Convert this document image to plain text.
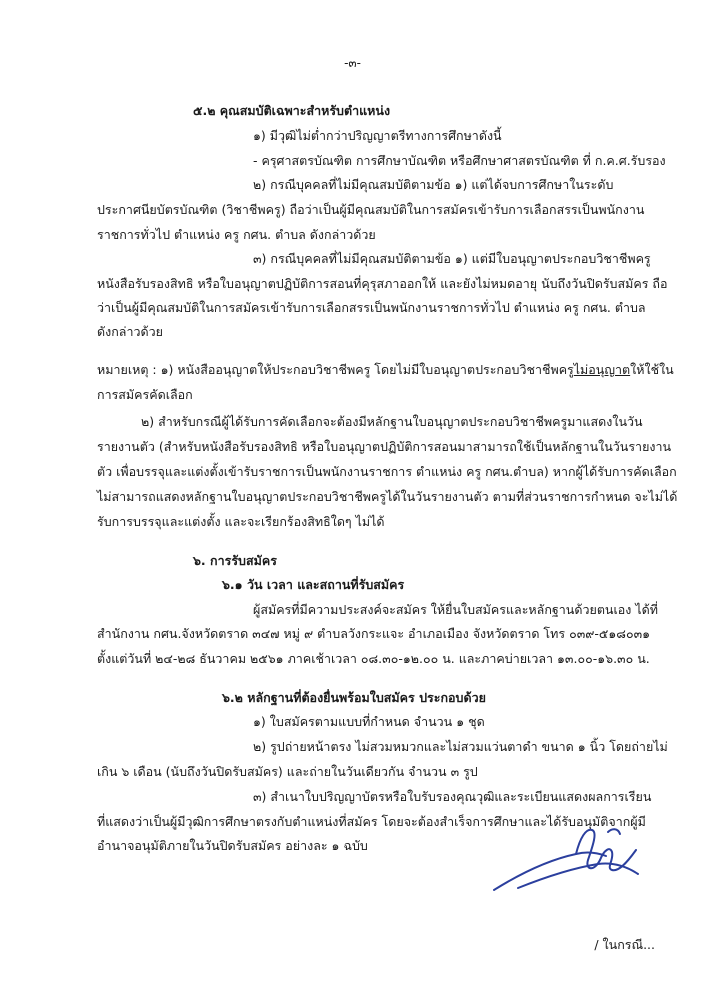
-๓-
๕.๒ คุณสมบัติเฉพาะสำหรับตำแหน่ง
๑) มีวุฒิไม่ต่ำกว่าปริญญาตรีทางการศึกษาดังนี้
- ครุศาสตรบัณฑิต การศึกษาบัณฑิต หรือศึกษาศาสตรบัณฑิต ที่ ก.ค.ศ.รับรอง
๒) กรณีบุคคลที่ไม่มีคุณสมบัติตามข้อ ๑) แต่ได้จบการศึกษาในระดับ
ประกาศนียบัตรบัณฑิต (วิชาชีพครู) ถือว่าเป็นผู้มีคุณสมบัติในการสมัครเข้ารับการเลือกสรรเป็นพนักงาน
ราชการทั่วไป ตำแหน่ง ครู กศน. ตำบล ดังกล่าวด้วย
๓) กรณีบุคคลที่ไม่มีคุณสมบัติตามข้อ ๑) แต่มีใบอนุญาตประกอบวิชาชีพครู
หนังสือรับรองสิทธิ หรือใบอนุญาตปฏิบัติการสอนที่คุรุสภาออกให้ และยังไม่หมดอายุ นับถึงวันปิดรับสมัคร ถือ
ว่าเป็นผู้มีคุณสมบัติในการสมัครเข้ารับการเลือกสรรเป็นพนักงานราชการทั่วไป ตำแหน่ง ครู กศน. ตำบล
ดังกล่าวด้วย
หมายเหตุ : ๑) หนังสืออนุญาตให้ประกอบวิชาชีพครู โดยไม่มีใบอนุญาตประกอบวิชาชีพครูไม่อนุญาตให้ใช้ใน
การสมัครคัดเลือก
๒) สำหรับกรณีผู้ได้รับการคัดเลือกจะต้องมีหลักฐานใบอนุญาตประกอบวิชาชีพครูมาแสดงในวัน
รายงานตัว (สำหรับหนังสือรับรองสิทธิ หรือใบอนุญาตปฏิบัติการสอนมาสามารถใช้เป็นหลักฐานในวันรายงาน
ตัว เพื่อบรรจุและแต่งตั้งเข้ารับราชการเป็นพนักงานราชการ ตำแหน่ง ครู กศน.ตำบล) หากผู้ได้รับการคัดเลือก
ไม่สามารถแสดงหลักฐานใบอนุญาตประกอบวิชาชีพครูได้ในวันรายงานตัว ตามที่ส่วนราชการกำหนด จะไม่ได้
รับการบรรจุและแต่งตั้ง และจะเรียกร้องสิทธิใดๆ ไม่ได้
๖. การรับสมัคร
๖.๑ วัน เวลา และสถานที่รับสมัคร
ผู้สมัครที่มีความประสงค์จะสมัคร ให้ยื่นใบสมัครและหลักฐานด้วยตนเอง ได้ที่
สำนักงาน กศน.จังหวัดตราด ๓๔๗ หมู่ ๙ ตำบลวังกระแจะ อำเภอเมือง จังหวัดตราด โทร ๐๓๙-๕๑๘๐๓๑
ตั้งแต่วันที่ ๒๔-๒๘ ธันวาคม ๒๕๖๑ ภาคเช้าเวลา ๐๘.๓๐-๑๒.๐๐ น. และภาคบ่ายเวลา ๑๓.๐๐-๑๖.๓๐ น.
๖.๒ หลักฐานที่ต้องยื่นพร้อมใบสมัคร ประกอบด้วย
๑) ใบสมัครตามแบบที่กำหนด จำนวน ๑ ชุด
๒) รูปถ่ายหน้าตรง ไม่สวมหมวกและไม่สวมแว่นตาดำ ขนาด ๑ นิ้ว โดยถ่ายไม่
เกิน ๖ เดือน (นับถึงวันปิดรับสมัคร) และถ่ายในวันเดียวกัน จำนวน ๓ รูป
๓) สำเนาใบปริญญาบัตรหรือใบรับรองคุณวุฒิและระเบียนแสดงผลการเรียน
ที่แสดงว่าเป็นผู้มีวุฒิการศึกษาตรงกับตำแหน่งที่สมัคร โดยจะต้องสำเร็จการศึกษาและได้รับอนุมัติจากผู้มี
อำนาจอนุมัติภายในวันปิดรับสมัคร อย่างละ ๑ ฉบับ
/ ในกรณี...
